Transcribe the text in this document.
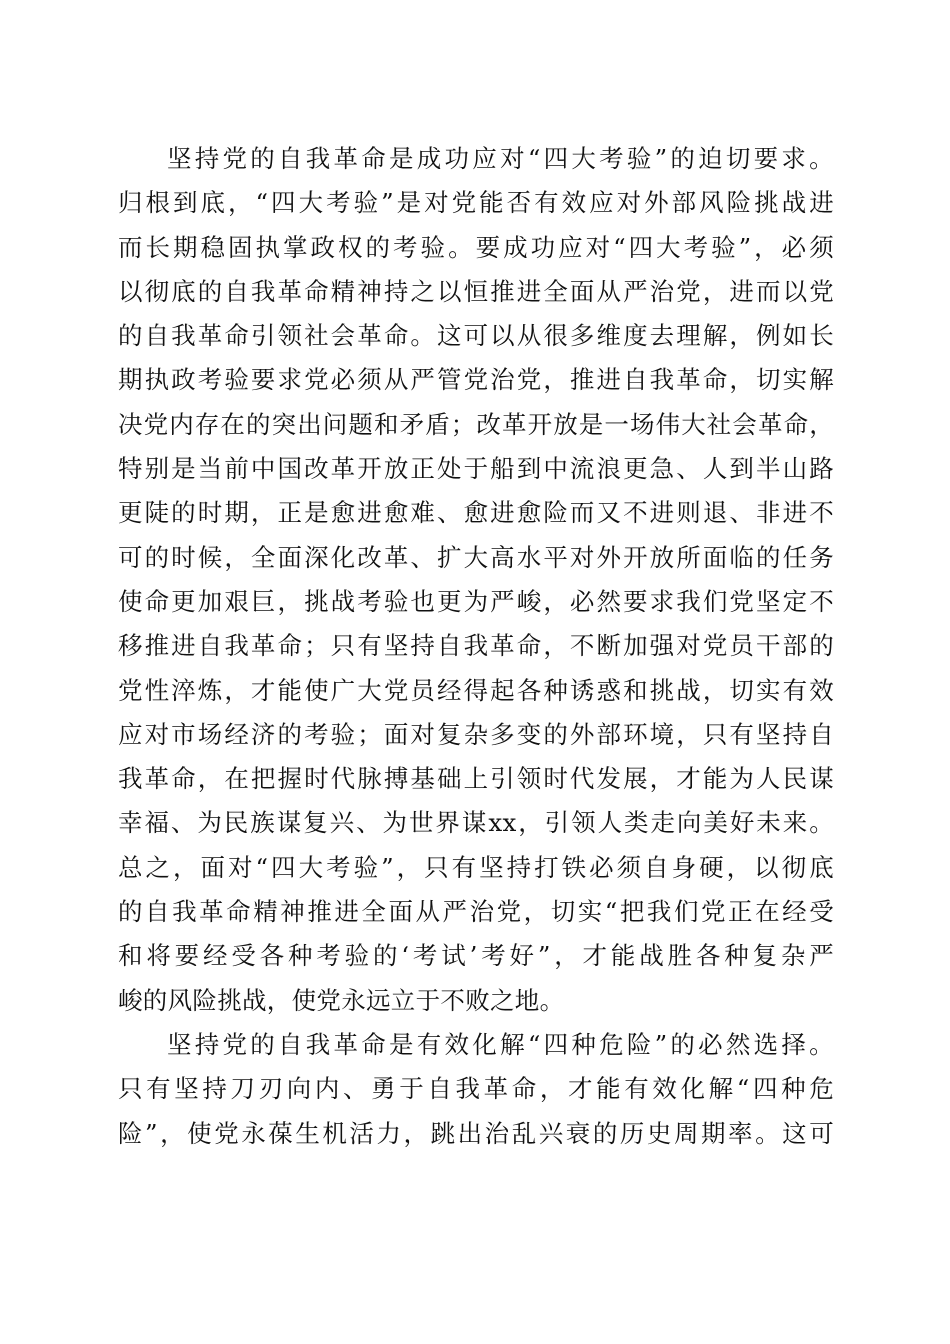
坚持党的自我革命是成功应对“四大考验”的迫切要求。
归根到底，“四大考验”是对党能否有效应对外部风险挑战进
而长期稳固执掌政权的考验。要成功应对“四大考验”，必须
以彻底的自我革命精神持之以恒推进全面从严治党，进而以党
的自我革命引领社会革命。这可以从很多维度去理解，例如长
期执政考验要求党必须从严管党治党，推进自我革命，切实解
决党内存在的突出问题和矛盾；改革开放是一场伟大社会革命，
特别是当前中国改革开放正处于船到中流浪更急、人到半山路
更陡的时期，正是愈进愈难、愈进愈险而又不进则退、非进不
可的时候，全面深化改革、扩大高水平对外开放所面临的任务
使命更加艰巨，挑战考验也更为严峻，必然要求我们党坚定不
移推进自我革命；只有坚持自我革命，不断加强对党员干部的
党性淬炼，才能使广大党员经得起各种诱惑和挑战，切实有效
应对市场经济的考验；面对复杂多变的外部环境，只有坚持自
我革命，在把握时代脉搏基础上引领时代发展，才能为人民谋
幸福、为民族谋复兴、为世界谋xx，引领人类走向美好未来。
总之，面对“四大考验”，只有坚持打铁必须自身硬，以彻底
的自我革命精神推进全面从严治党，切实“把我们党正在经受
和将要经受各种考验的‘考试’考好”，才能战胜各种复杂严
峻的风险挑战，使党永远立于不败之地。
坚持党的自我革命是有效化解“四种危险”的必然选择。
只有坚持刀刃向内、勇于自我革命，才能有效化解“四种危
险”，使党永葆生机活力，跳出治乱兴衰的历史周期率。这可
